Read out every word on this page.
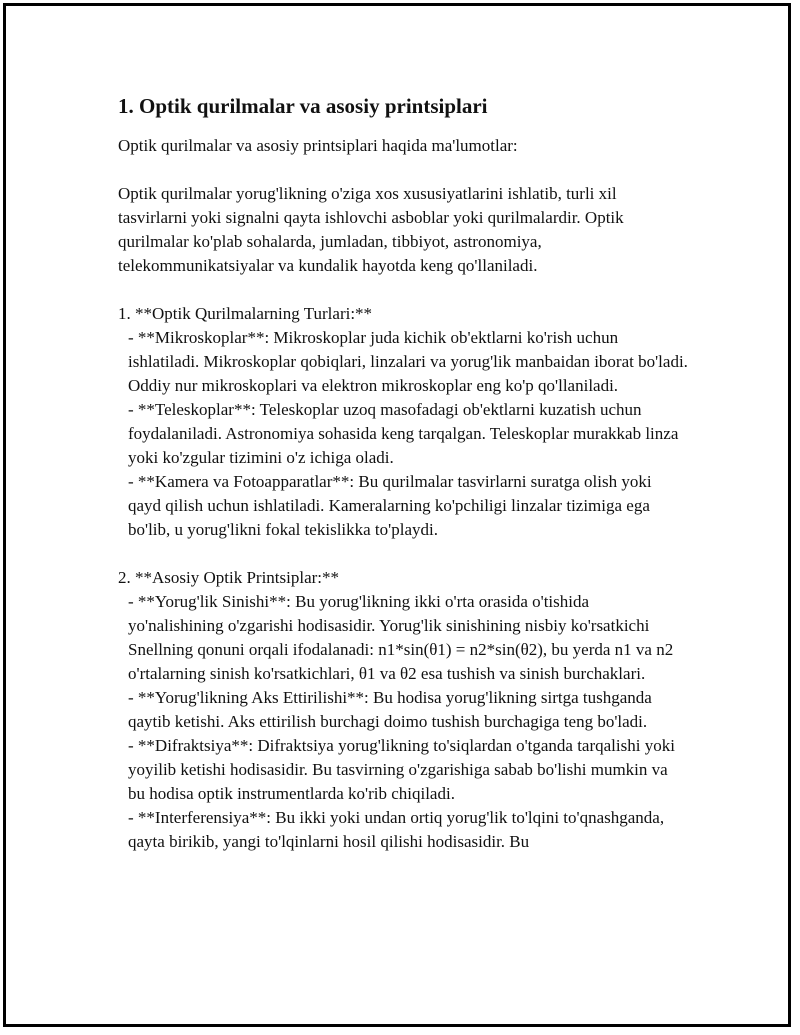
1. Optik qurilmalar va asosiy printsiplari

Optik qurilmalar va asosiy printsiplari haqida ma'lumotlar:

Optik qurilmalar yorug'likning o'ziga xos xususiyatlarini ishlatib, turli xil tasvirlarni yoki signalni qayta ishlovchi asboblar yoki qurilmalardir. Optik qurilmalar ko'plab sohalarda, jumladan, tibbiyot, astronomiya, telekommunikatsiyalar va kundalik hayotda keng qo'llaniladi.

1. **Optik Qurilmalarning Turlari:**

- **Mikroskoplar**: Mikroskoplar juda kichik ob'ektlarni ko'rish uchun ishlatiladi. Mikroskoplar qobiqlari, linzalari va yorug'lik manbaidan iborat bo'ladi. Oddiy nur mikroskoplari va elektron mikroskoplar eng ko'p qo'llaniladi.

- **Teleskoplar**: Teleskoplar uzoq masofadagi ob'ektlarni kuzatish uchun foydalaniladi. Astronomiya sohasida keng tarqalgan. Teleskoplar murakkab linza yoki ko'zgular tizimini o'z ichiga oladi.

- **Kamera va Fotoapparatlar**: Bu qurilmalar tasvirlarni suratga olish yoki qayd qilish uchun ishlatiladi. Kameralarning ko'pchiligi linzalar tizimiga ega bo'lib, u yorug'likni fokal tekislikka to'playdi.

2. **Asosiy Optik Printsiplar:**

- **Yorug'lik Sinishi**: Bu yorug'likning ikki o'rta orasida o'tishida yo'nalishining o'zgarishi hodisasidir. Yorug'lik sinishining nisbiy ko'rsatkichi Snellning qonuni orqali ifodalanadi: n1*sin(θ1) = n2*sin(θ2), bu yerda n1 va n2 o'rtalarning sinish ko'rsatkichlari, θ1 va θ2 esa tushish va sinish burchaklari.

- **Yorug'likning Aks Ettirilishi**: Bu hodisa yorug'likning sirtga tushganda qaytib ketishi. Aks ettirilish burchagi doimo tushish burchagiga teng bo'ladi.

- **Difraktsiya**: Difraktsiya yorug'likning to'siqlardan o'tganda tarqalishi yoki yoyilib ketishi hodisasidir. Bu tasvirning o'zgarishiga sabab bo'lishi mumkin va bu hodisa optik instrumentlarda ko'rib chiqiladi.

- **Interferensiya**: Bu ikki yoki undan ortiq yorug'lik to'lqini to'qnashganda, qayta birikib, yangi to'lqinlarni hosil qilishi hodisasidir. Bu
